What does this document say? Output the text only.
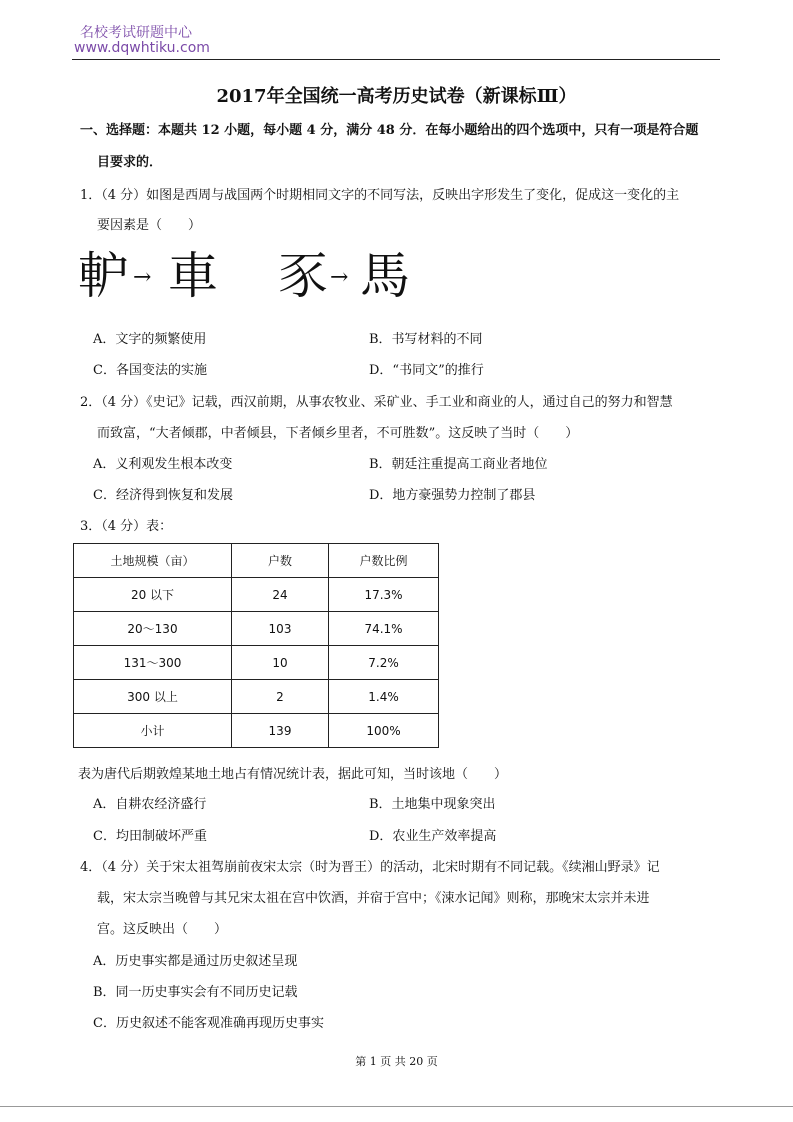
名校考试研题中心
www.dqwhtiku.com
2017年全国统一高考历史试卷（新课标Ⅲ）
一、选择题：本题共 12 小题，每小题 4 分，满分 48 分．在每小题给出的四个选项中，只有一项是符合题
目要求的．
1．（4 分）如图是西周与战国两个时期相同文字的不同写法，反映出字形发生了变化，促成这一变化的主
要因素是（　　）
䡎 → 車 豕 → 馬
A．文字的频繁使用	B．书写材料的不同
C．各国变法的实施	D．“书同文”的推行
2．（4 分）《史记》记载，西汉前期，从事农牧业、采矿业、手工业和商业的人，通过自己的努力和智慧
而致富，“大者倾郡，中者倾县，下者倾乡里者，不可胜数”。这反映了当时（　　）
A．义利观发生根本改变	B．朝廷注重提高工商业者地位
C．经济得到恢复和发展	D．地方豪强势力控制了郡县
3．（4 分）表：
土地规模（亩）	户数	户数比例
20 以下	24	17.3%
20～130	103	74.1%
131～300	10	7.2%
300 以上	2	1.4%
小计	139	100%
表为唐代后期敦煌某地土地占有情况统计表，据此可知，当时该地（　　）
A．自耕农经济盛行	B．土地集中现象突出
C．均田制破坏严重	D．农业生产效率提高
4．（4 分）关于宋太祖驾崩前夜宋太宗（时为晋王）的活动，北宋时期有不同记载。《续湘山野录》记
载，宋太宗当晚曾与其兄宋太祖在宫中饮酒，并宿于宫中；《涑水记闻》则称，那晚宋太宗并未进
宫。这反映出（　　）
A．历史事实都是通过历史叙述呈现
B．同一历史事实会有不同历史记载
C．历史叙述不能客观准确再现历史事实
第 1 页 共 20 页
